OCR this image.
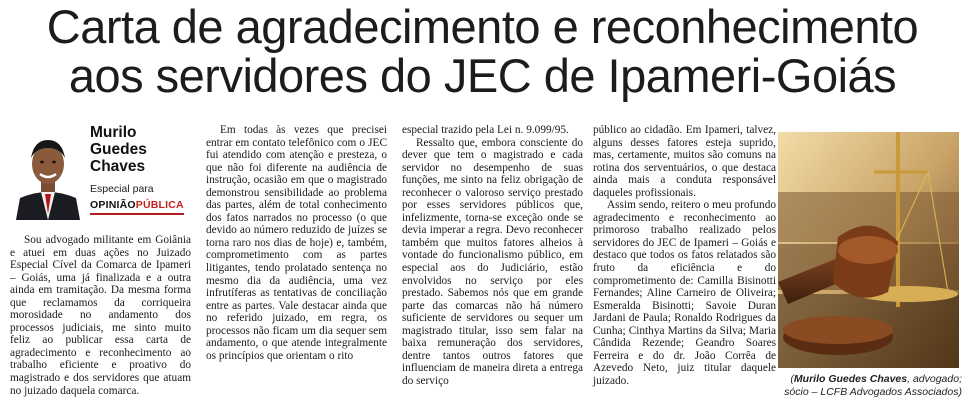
Carta de agradecimento e reconhecimento
aos servidores do JEC de Ipameri-Goiás
Murilo
Guedes
Chaves
Especial para
OPINIÃOPÚBLICA

Sou advogado militante em Goiânia e atuei em duas ações no Juizado Especial Cível da Comarca de Ipameri – Goiás, uma já finalizada e a outra ainda em tramitação. Da mesma forma que reclamamos da corriqueira morosidade no andamento dos processos judiciais, me sinto muito feliz ao publicar essa carta de agradecimento e reconhecimento ao trabalho eficiente e proativo do magistrado e dos servidores que atuam no juizado daquela comarca.

Em todas às vezes que precisei entrar em contato telefônico com o JEC fui atendido com atenção e presteza, o que não foi diferente na audiência de instrução, ocasião em que o magistrado demonstrou sensibilidade ao problema das partes, além de total conhecimento dos fatos narrados no processo (o que devido ao número reduzido de juízes se torna raro nos dias de hoje) e, também, comprometimento com as partes litigantes, tendo prolatado sentença no mesmo dia da audiência, uma vez infrutíferas as tentativas de conciliação entre as partes. Vale destacar ainda que no referido juizado, em regra, os processos não ficam um dia sequer sem andamento, o que atende integralmente os princípios que orientam o rito

especial trazido pela Lei n. 9.099/95.

Ressalto que, embora consciente do dever que tem o magistrado e cada servidor no desempenho de suas funções, me sinto na feliz obrigação de reconhecer o valoroso serviço prestado por esses servidores públicos que, infelizmente, torna-se exceção onde se devia imperar a regra. Devo reconhecer também que muitos fatores alheios à vontade do funcionalismo público, em especial aos do Judiciário, estão envolvidos no serviço por eles prestado. Sabemos nós que em grande parte das comarcas não há número suficiente de servidores ou sequer um magistrado titular, isso sem falar na baixa remuneração dos servidores, dentre tantos outros fatores que influenciam de maneira direta a entrega do serviço

público ao cidadão. Em Ipameri, talvez, alguns desses fatores esteja suprido, mas, certamente, muitos são comuns na rotina dos serventuários, o que destaca ainda mais a conduta responsável daqueles profissionais.

Assim sendo, reitero o meu profundo agradecimento e reconhecimento ao primoroso trabalho realizado pelos servidores do JEC de Ipameri – Goiás e destaco que todos os fatos relatados são fruto da eficiência e do comprometimento de: Camilla Bisinotti Fernandes; Aline Carneiro de Oliveira; Esmeralda Bisinotti; Savoie Duran Jardani de Paula; Ronaldo Rodrigues da Cunha; Cinthya Martins da Silva; Maria Cândida Rezende; Geandro Soares Ferreira e do dr. João Corrêa de Azevedo Neto, juiz titular daquele juizado.	(Murilo Guedes Chaves, advogado; sócio – LCFB Advogados Associados)
